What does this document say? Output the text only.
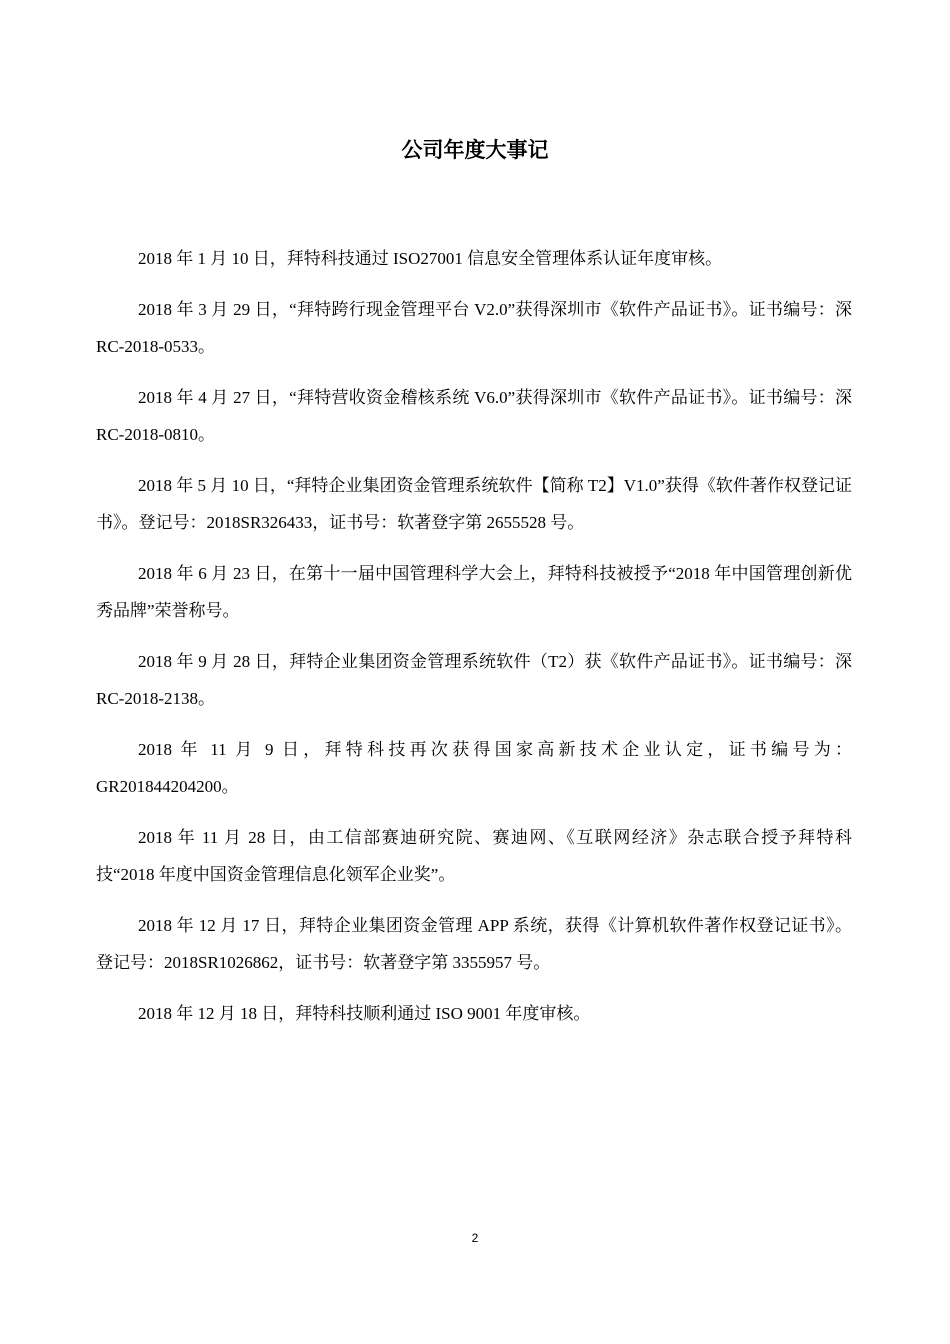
公司年度大事记

2018 年 1 月 10 日，拜特科技通过 ISO27001 信息安全管理体系认证年度审核。

2018 年 3 月 29 日，“拜特跨行现金管理平台 V2.0”获得深圳市《软件产品证书》。证书编号：深 RC-2018-0533。

2018 年 4 月 27 日，“拜特营收资金稽核系统 V6.0”获得深圳市《软件产品证书》。证书编号：深 RC-2018-0810。

2018 年 5 月 10 日，“拜特企业集团资金管理系统软件【简称 T2】V1.0”获得《软件著作权登记证书》。登记号：2018SR326433，证书号：软著登字第 2655528 号。

2018 年 6 月 23 日，在第十一届中国管理科学大会上，拜特科技被授予“2018 年中国管理创新优秀品牌”荣誉称号。

2018 年 9 月 28 日，拜特企业集团资金管理系统软件（T2）获《软件产品证书》。证书编号：深 RC-2018-2138。

2018 年 11 月 9 日，拜特科技再次获得国家高新技术企业认定，证书编号为：GR201844204200。

2018 年 11 月 28 日，由工信部赛迪研究院、赛迪网、《互联网经济》杂志联合授予拜特科技“2018 年度中国资金管理信息化领军企业奖”。

2018 年 12 月 17 日，拜特企业集团资金管理 APP 系统，获得《计算机软件著作权登记证书》。登记号：2018SR1026862，证书号：软著登字第 3355957 号。

2018 年 12 月 18 日，拜特科技顺利通过 ISO 9001 年度审核。

2
